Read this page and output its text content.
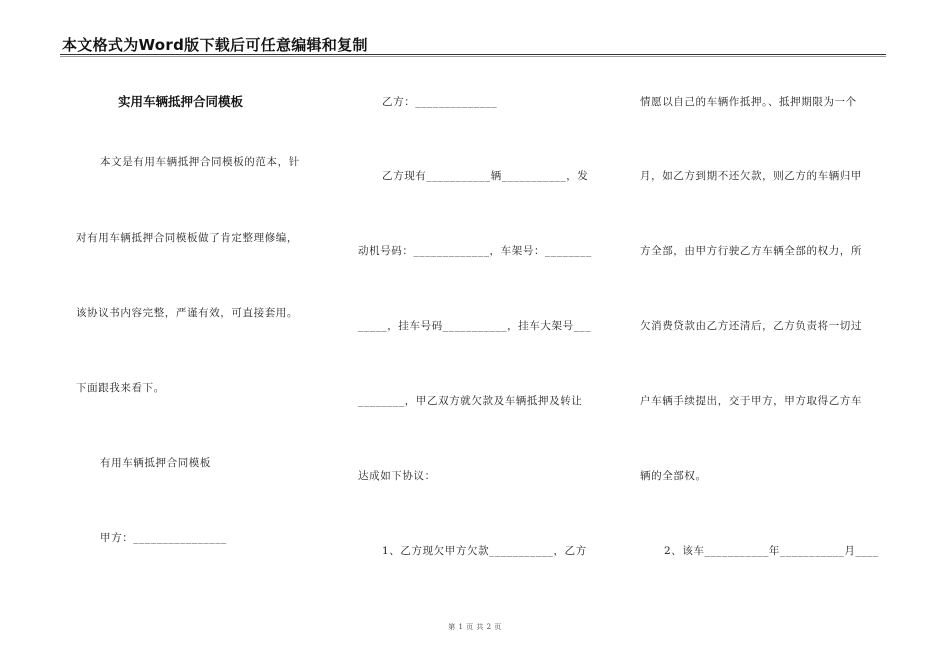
本文格式为Word版下载后可任意编辑和复制
实用车辆抵押合同模板
本文是有用车辆抵押合同模板的范本，针
对有用车辆抵押合同模板做了肯定整理修编，
该协议书内容完整，严谨有效，可直接套用。
下面跟我来看下。
有用车辆抵押合同模板
甲方：________________
乙方：______________
乙方现有___________辆___________，发
动机号码：_____________，车架号：________
_____，挂车号码___________，挂车大架号___
________，甲乙双方就欠款及车辆抵押及转让
达成如下协议：
1、乙方现欠甲方欠款___________，乙方
情愿以自己的车辆作抵押。、抵押期限为一个
月，如乙方到期不还欠款，则乙方的车辆归甲
方全部，由甲方行驶乙方车辆全部的权力，所
欠消费贷款由乙方还清后，乙方负责将一切过
户车辆手续提出，交于甲方，甲方取得乙方车
辆的全部权。
2、该车___________年___________月____
第 1 页 共 2 页
